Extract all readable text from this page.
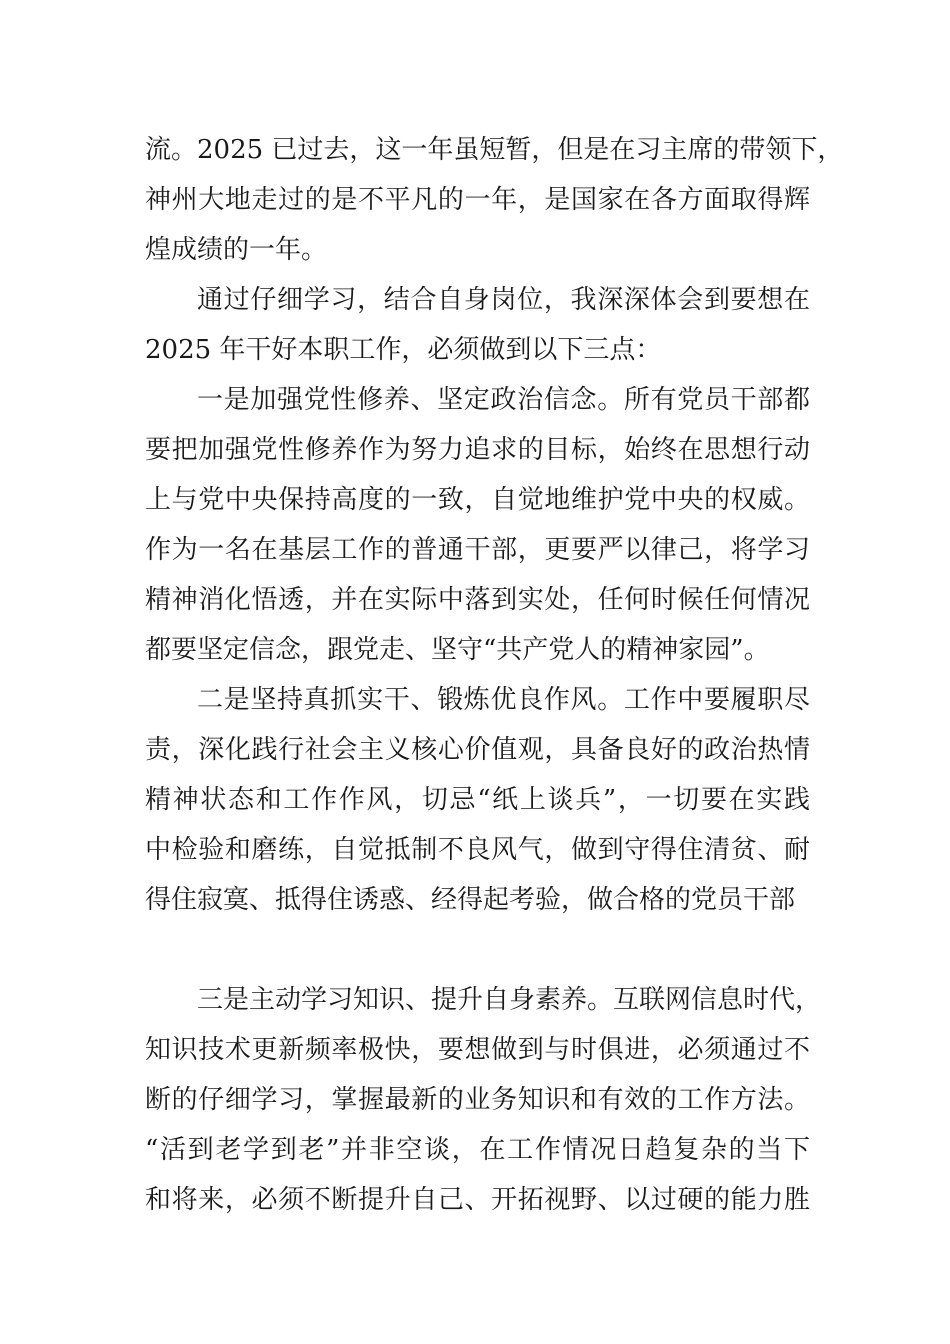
流。2025 已过去，这一年虽短暂，但是在习主席的带领下，
神州大地走过的是不平凡的一年，是国家在各方面取得辉
煌成绩的一年。
通过仔细学习，结合自身岗位，我深深体会到要想在
2025 年干好本职工作，必须做到以下三点：
一是加强党性修养、坚定政治信念。所有党员干部都
要把加强党性修养作为努力追求的目标，始终在思想行动
上与党中央保持高度的一致，自觉地维护党中央的权威。
作为一名在基层工作的普通干部，更要严以律己，将学习
精神消化悟透，并在实际中落到实处，任何时候任何情况
都要坚定信念，跟党走、坚守“共产党人的精神家园”。
二是坚持真抓实干、锻炼优良作风。工作中要履职尽
责，深化践行社会主义核心价值观，具备良好的政治热情
精神状态和工作作风，切忌“纸上谈兵”，一切要在实践
中检验和磨练，自觉抵制不良风气，做到守得住清贫、耐
得住寂寞、抵得住诱惑、经得起考验，做合格的党员干部
三是主动学习知识、提升自身素养。互联网信息时代，
知识技术更新频率极快，要想做到与时俱进，必须通过不
断的仔细学习，掌握最新的业务知识和有效的工作方法。
“活到老学到老”并非空谈，在工作情况日趋复杂的当下
和将来，必须不断提升自己、开拓视野、以过硬的能力胜
